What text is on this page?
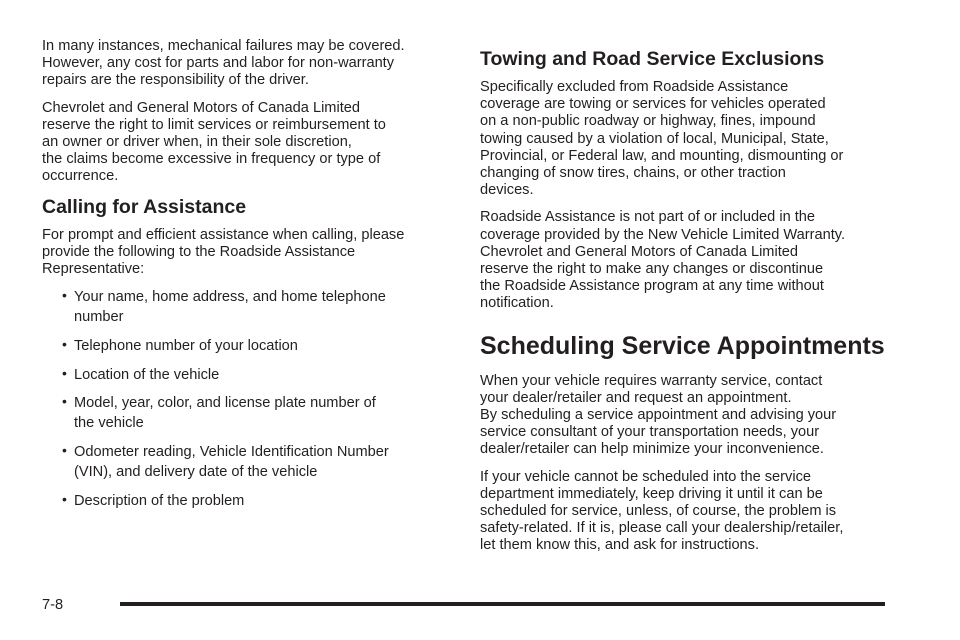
In many instances, mechanical failures may be covered.
However, any cost for parts and labor for non-warranty
repairs are the responsibility of the driver.

Chevrolet and General Motors of Canada Limited
reserve the right to limit services or reimbursement to
an owner or driver when, in their sole discretion,
the claims become excessive in frequency or type of
occurrence.

Calling for Assistance

For prompt and efficient assistance when calling, please
provide the following to the Roadside Assistance
Representative:

• Your name, home address, and home telephone
number
• Telephone number of your location
• Location of the vehicle
• Model, year, color, and license plate number of
the vehicle
• Odometer reading, Vehicle Identification Number
(VIN), and delivery date of the vehicle
• Description of the problem
Towing and Road Service Exclusions

Specifically excluded from Roadside Assistance
coverage are towing or services for vehicles operated
on a non-public roadway or highway, fines, impound
towing caused by a violation of local, Municipal, State,
Provincial, or Federal law, and mounting, dismounting or
changing of snow tires, chains, or other traction
devices.

Roadside Assistance is not part of or included in the
coverage provided by the New Vehicle Limited Warranty.
Chevrolet and General Motors of Canada Limited
reserve the right to make any changes or discontinue
the Roadside Assistance program at any time without
notification.

Scheduling Service Appointments

When your vehicle requires warranty service, contact
your dealer/retailer and request an appointment.
By scheduling a service appointment and advising your
service consultant of your transportation needs, your
dealer/retailer can help minimize your inconvenience.

If your vehicle cannot be scheduled into the service
department immediately, keep driving it until it can be
scheduled for service, unless, of course, the problem is
safety-related. If it is, please call your dealership/retailer,
let them know this, and ask for instructions.

7-8
